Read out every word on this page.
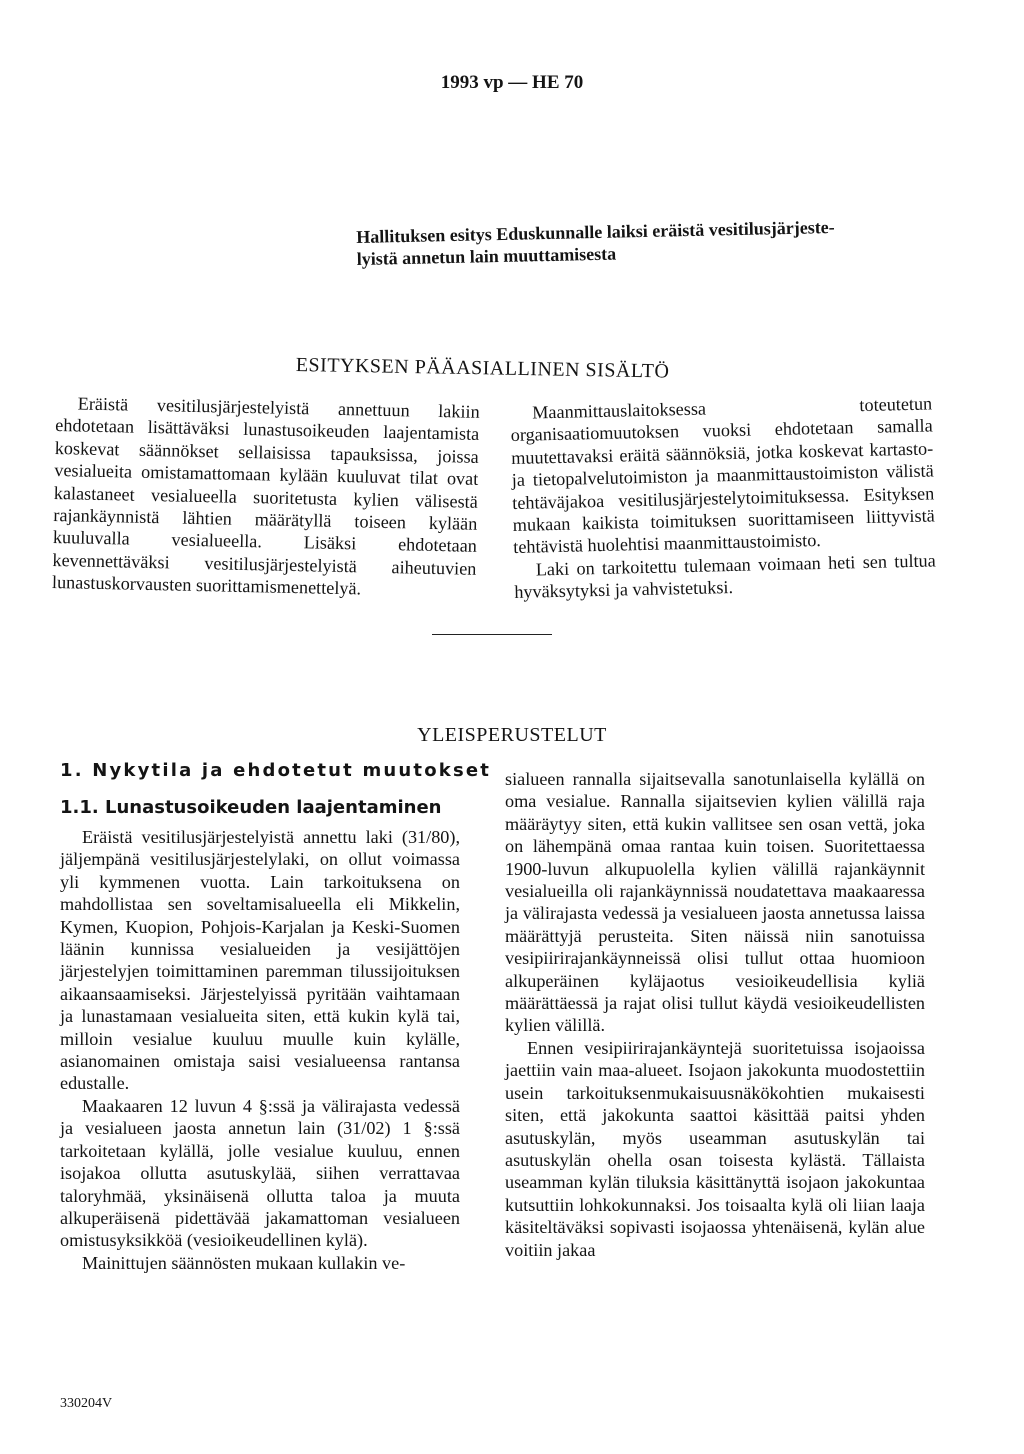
1993 vp — HE 70
Hallituksen esitys Eduskunnalle laiksi eräistä vesitilusjärjeste-
lyistä annetun lain muuttamisesta
ESITYKSEN PÄÄASIALLINEN SISÄLTÖ

Eräistä vesitilusjärjestelyistä annettuun lakiin ehdotetaan lisättäväksi lunastusoikeuden laajentamista koskevat säännökset sellaisissa tapauksissa, joissa vesialueita omistamattomaan kylään kuuluvat tilat ovat kalastaneet vesialueella suoritetusta kylien välisestä rajankäynnistä lähtien määrätyllä toiseen kylään kuuluvalla vesialueella. Lisäksi ehdotetaan kevennettäväksi vesitilusjärjestelyistä aiheutuvien lunastuskorvausten suorittamismenettelyä.

Maanmittauslaitoksessa toteutetun organisaatiomuutoksen vuoksi ehdotetaan samalla muutettavaksi eräitä säännöksiä, jotka koskevat kartasto- ja tietopalvelutoimiston ja maanmittaustoimiston välistä tehtäväjakoa vesitilusjärjestelytoimituksessa. Esityksen mukaan kaikista toimituksen suorittamiseen liittyvistä tehtävistä huolehtisi maanmittaustoimisto.

Laki on tarkoitettu tulemaan voimaan heti sen tultua hyväksytyksi ja vahvistetuksi.

YLEISPERUSTELUT
1. Nykytila ja ehdotetut muutokset
1.1. Lunastusoikeuden laajentaminen

Eräistä vesitilusjärjestelyistä annettu laki (31/80), jäljempänä vesitilusjärjestelylaki, on ollut voimassa yli kymmenen vuotta. Lain tarkoituksena on mahdollistaa sen soveltamisalueella eli Mikkelin, Kymen, Kuopion, Pohjois-Karjalan ja Keski-Suomen läänin kunnissa vesialueiden ja vesijättöjen järjestelyjen toimittaminen paremman tilussijoituksen aikaansaamiseksi. Järjestelyissä pyritään vaihtamaan ja lunastamaan vesialueita siten, että kukin kylä tai, milloin vesialue kuuluu muulle kuin kylälle, asianomainen omistaja saisi vesialueensa rantansa edustalle.

Maakaaren 12 luvun 4 §:ssä ja välirajasta vedessä ja vesialueen jaosta annetun lain (31/02) 1 §:ssä tarkoitetaan kylällä, jolle vesialue kuuluu, ennen isojakoa ollutta asutuskylää, siihen verrattavaa taloryhmää, yksinäisenä ollutta taloa ja muuta alkuperäisenä pidettävää jakamattoman vesialueen omistusyksikköä (vesioikeudellinen kylä).

Mainittujen säännösten mukaan kullakin ve-

sialueen rannalla sijaitsevalla sanotunlaisella kylällä on oma vesialue. Rannalla sijaitsevien kylien välillä raja määräytyy siten, että kukin vallitsee sen osan vettä, joka on lähempänä omaa rantaa kuin toisen. Suoritettaessa 1900-luvun alkupuolella kylien välillä rajankäynnit vesialueilla oli rajankäynnissä noudatettava maakaaressa ja välirajasta vedessä ja vesialueen jaosta annetussa laissa määrättyjä perusteita. Siten näissä niin sanotuissa vesipiirirajankäynneissä olisi tullut ottaa huomioon alkuperäinen kyläjaotus vesioikeudellisia kyliä määrättäessä ja rajat olisi tullut käydä vesioikeudellisten kylien välillä.

Ennen vesipiirirajankäyntejä suoritetuissa isojaoissa jaettiin vain maa-alueet. Isojaon jakokunta muodostettiin usein tarkoituksenmukaisuusnäkökohtien mukaisesti siten, että jakokunta saattoi käsittää paitsi yhden asutuskylän, myös useamman asutuskylän tai asutuskylän ohella osan toisesta kylästä. Tällaista useamman kylän tiluksia käsittänyttä isojaon jakokuntaa kutsuttiin lohkokunnaksi. Jos toisaalta kylä oli liian laaja käsiteltäväksi sopivasti isojaossa yhtenäisenä, kylän alue voitiin jakaa

330204V
